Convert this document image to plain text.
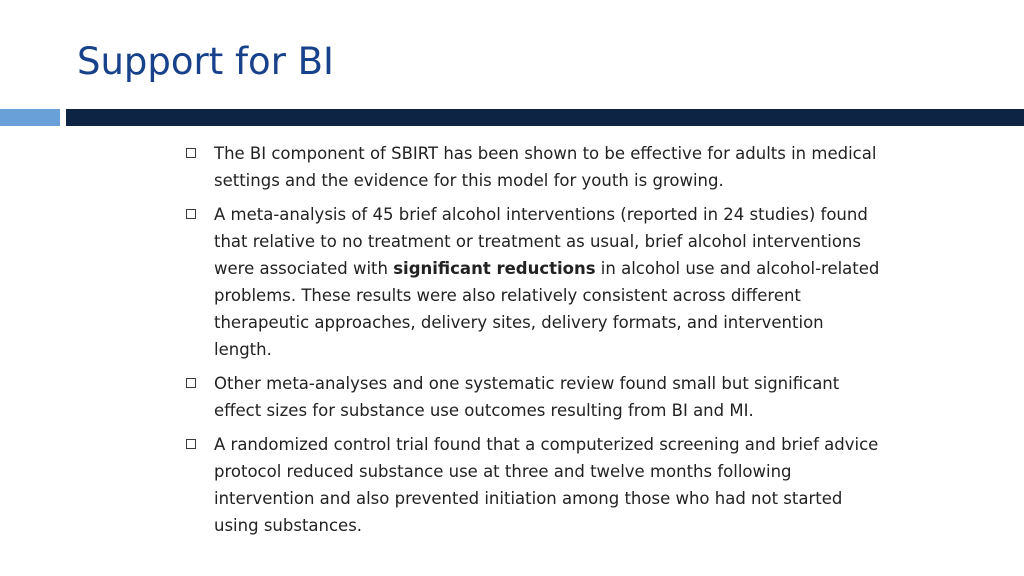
Support for BI
The BI component of SBIRT has been shown to be effective for adults in medical settings and the evidence for this model for youth is growing.
A meta-analysis of 45 brief alcohol interventions (reported in 24 studies) found that relative to no treatment or treatment as usual, brief alcohol interventions were associated with significant reductions in alcohol use and alcohol-related problems. These results were also relatively consistent across different therapeutic approaches, delivery sites, delivery formats, and intervention length.
Other meta-analyses and one systematic review found small but significant effect sizes for substance use outcomes resulting from BI and MI.
A randomized control trial found that a computerized screening and brief advice protocol reduced substance use at three and twelve months following intervention and also prevented initiation among those who had not started using substances.
